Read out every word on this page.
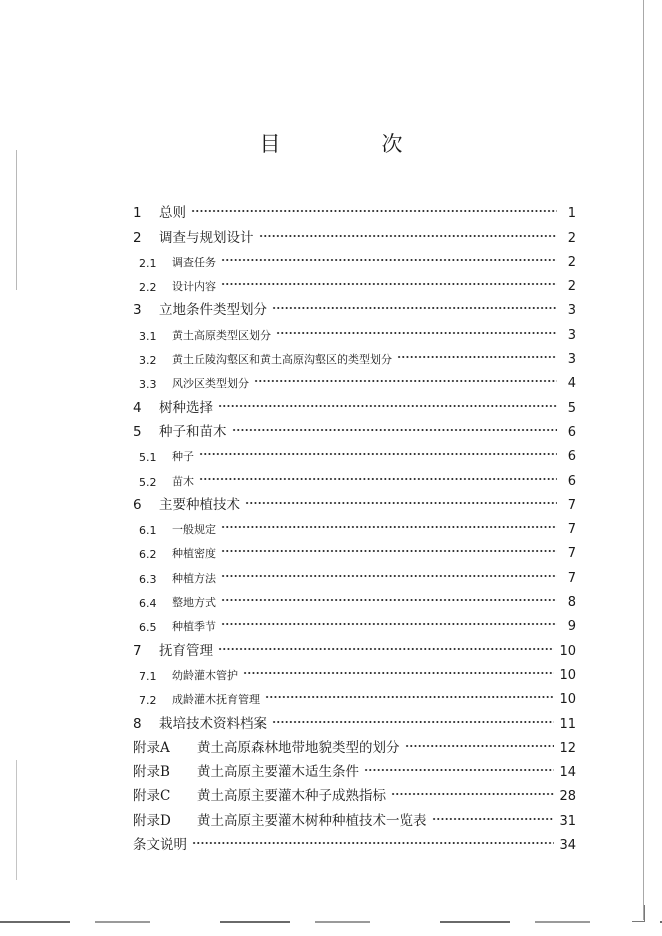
目　次
1	总则	1
2	调查与规划设计	2
2.1	调查任务	2
2.2	设计内容	2
3	立地条件类型划分	3
3.1	黄土高原类型区划分	3
3.2	黄土丘陵沟壑区和黄土高原沟壑区的类型划分	3
3.3	风沙区类型划分	4
4	树种选择	5
5	种子和苗木	6
5.1	种子	6
5.2	苗木	6
6	主要种植技术	7
6.1	一般规定	7
6.2	种植密度	7
6.3	种植方法	7
6.4	整地方式	8
6.5	种植季节	9
7	抚育管理	10
7.1	幼龄灌木管护	10
7.2	成龄灌木抚育管理	10
8	栽培技术资料档案	11
附录A	黄土高原森林地带地貌类型的划分	12
附录B	黄土高原主要灌木适生条件	14
附录C	黄土高原主要灌木种子成熟指标	28
附录D	黄土高原主要灌木树种种植技术一览表	31
条文说明	34
